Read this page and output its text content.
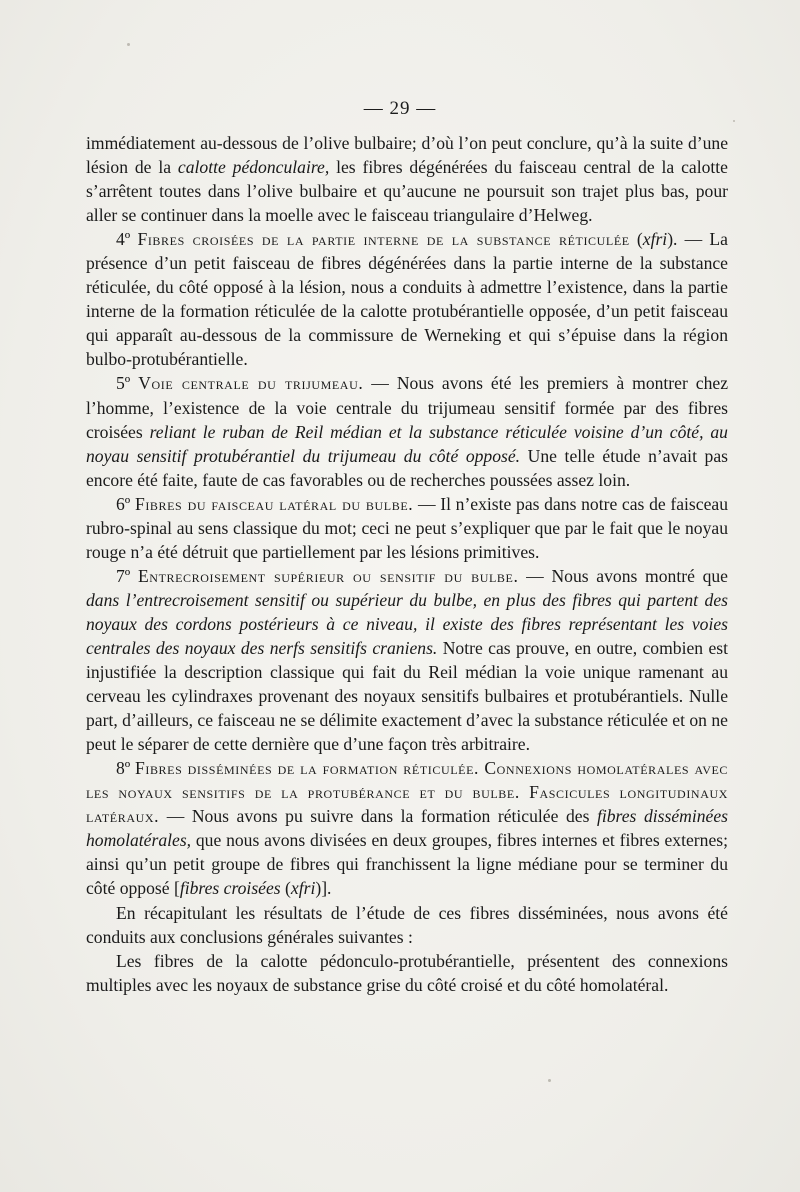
— 29 —

immédiatement au-dessous de l’olive bulbaire; d’où l’on peut conclure, qu’à la suite d’une lésion de la calotte pédonculaire, les fibres dégénérées du faisceau central de la calotte s’arrêtent toutes dans l’olive bulbaire et qu’aucune ne poursuit son trajet plus bas, pour aller se continuer dans la moelle avec le faisceau triangulaire d’Helweg.

4º Fibres croisées de la partie interne de la substance réticulée (xfri). — La présence d’un petit faisceau de fibres dégénérées dans la partie interne de la substance réticulée, du côté opposé à la lésion, nous a conduits à admettre l’existence, dans la partie interne de la formation réticulée de la calotte protubérantielle opposée, d’un petit faisceau qui apparaît au-dessous de la commissure de Werneking et qui s’épuise dans la région bulbo-protubérantielle.

5º Voie centrale du trijumeau. — Nous avons été les premiers à montrer chez l’homme, l’existence de la voie centrale du trijumeau sensitif formée par des fibres croisées reliant le ruban de Reil médian et la substance réticulée voisine d’un côté, au noyau sensitif protubérantiel du trijumeau du côté opposé. Une telle étude n’avait pas encore été faite, faute de cas favorables ou de recherches poussées assez loin.

6º Fibres du faisceau latéral du bulbe. — Il n’existe pas dans notre cas de faisceau rubro-spinal au sens classique du mot; ceci ne peut s’expliquer que par le fait que le noyau rouge n’a été détruit que partiellement par les lésions primitives.

7º Entrecroisement supérieur ou sensitif du bulbe. — Nous avons montré que dans l’entrecroisement sensitif ou supérieur du bulbe, en plus des fibres qui partent des noyaux des cordons postérieurs à ce niveau, il existe des fibres représentant les voies centrales des noyaux des nerfs sensitifs craniens. Notre cas prouve, en outre, combien est injustifiée la description classique qui fait du Reil médian la voie unique ramenant au cerveau les cylindraxes provenant des noyaux sensitifs bulbaires et protubérantiels. Nulle part, d’ailleurs, ce faisceau ne se délimite exactement d’avec la substance réticulée et on ne peut le séparer de cette dernière que d’une façon très arbitraire.

8º Fibres disséminées de la formation réticulée. Connexions homolatérales avec les noyaux sensitifs de la protubérance et du bulbe. Fascicules longitudinaux latéraux. — Nous avons pu suivre dans la formation réticulée des fibres disséminées homolatérales, que nous avons divisées en deux groupes, fibres internes et fibres externes; ainsi qu’un petit groupe de fibres qui franchissent la ligne médiane pour se terminer du côté opposé [fibres croisées (xfri)].

En récapitulant les résultats de l’étude de ces fibres disséminées, nous avons été conduits aux conclusions générales suivantes :

Les fibres de la calotte pédonculo-protubérantielle, présentent des connexions multiples avec les noyaux de substance grise du côté croisé et du côté homolatéral.
